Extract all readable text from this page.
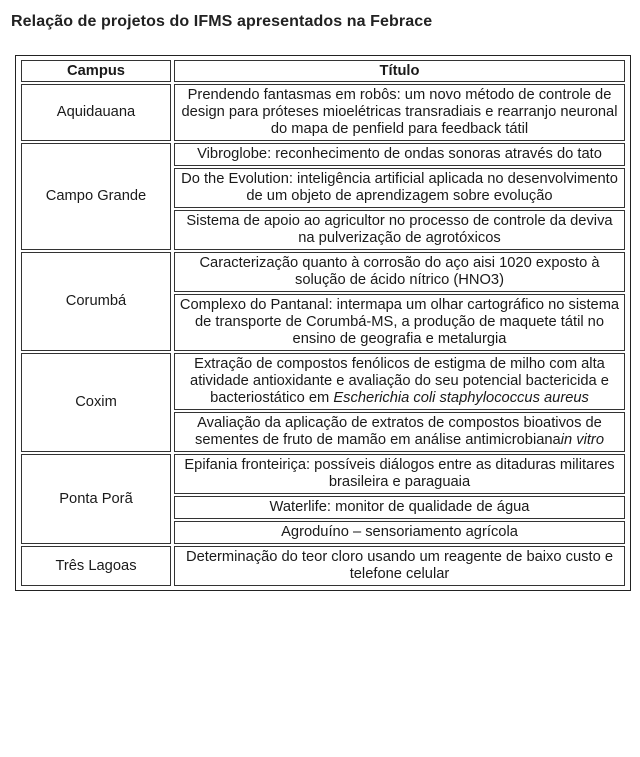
Relação de projetos do IFMS apresentados na Febrace
Campus	Título
Aquidauana	Prendendo fantasmas em robôs: um novo método de controle de design para próteses mioelétricas transradiais e rearranjo neuronal do mapa de penfield para feedback tátil
Campo Grande	Vibroglobe: reconhecimento de ondas sonoras através do tato
	Do the Evolution: inteligência artificial aplicada no desenvolvimento de um objeto de aprendizagem sobre evolução
	Sistema de apoio ao agricultor no processo de controle da deviva na pulverização de agrotóxicos
Corumbá	Caracterização quanto à corrosão do aço aisi 1020 exposto à solução de ácido nítrico (HNO3)
	Complexo do Pantanal: intermapa um olhar cartográfico no sistema de transporte de Corumbá-MS, a produção de maquete tátil no ensino de geografia e metalurgia
Coxim	Extração de compostos fenólicos de estigma de milho com alta atividade antioxidante e avaliação do seu potencial bactericida e bacteriostático em Escherichia coli staphylococcus aureus
	Avaliação da aplicação de extratos de compostos bioativos de sementes de fruto de mamão em análise antimicrobianain vitro
Ponta Porã	Epifania fronteiriça: possíveis diálogos entre as ditaduras militares brasileira e paraguaia
	Waterlife: monitor de qualidade de água
	Agroduíno – sensoriamento agrícola
Três Lagoas	Determinação do teor cloro usando um reagente de baixo custo e telefone celular
